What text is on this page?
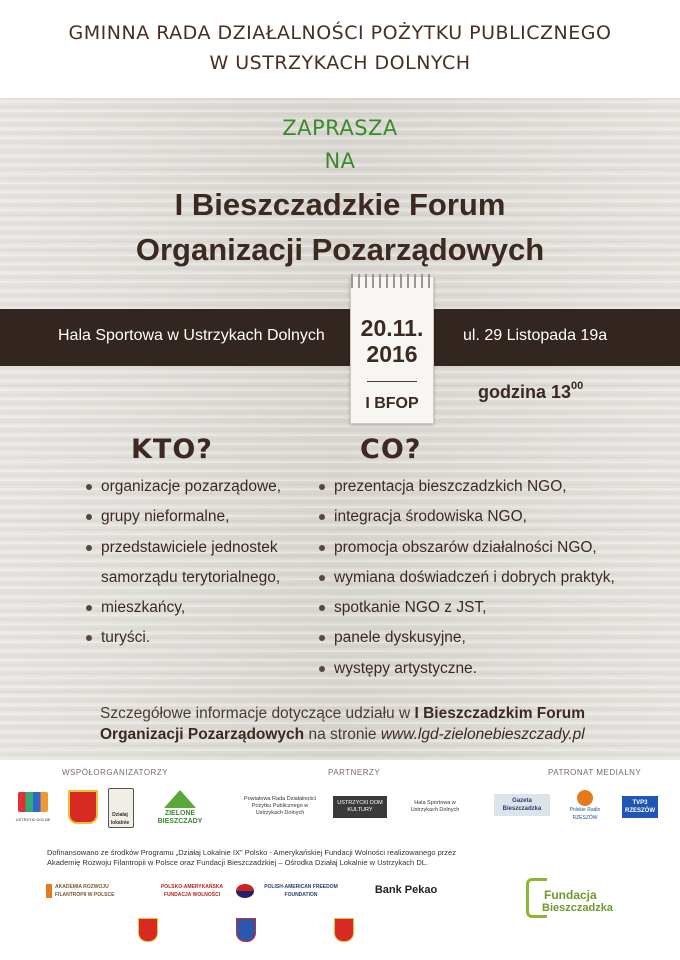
GMINNA RADA DZIAŁALNOŚCI POŻYTKU PUBLICZNEGO
W USTRZYKACH DOLNYCH
ZAPRASZA
NA
I Bieszczadzkie Forum
Organizacji Pozarządowych
Hala Sportowa w Ustrzykach Dolnych	ul. 29 Listopada 19a
20.11.
2016
I BFOP
godzina $13^{00}$
KTO?	CO?
organizacje pozarządowe,
grupy nieformalne,
przedstawiciele jednostek
samorządu terytorialnego,
mieszkańcy,
turyści.
prezentacja bieszczadzkich NGO,
integracja środowiska NGO,
promocja obszarów działalności NGO,
wymiana doświadczeń i dobrych praktyk,
spotkanie NGO z JST,
panele dyskusyjne,
występy artystyczne.
Szczegółowe informacje dotyczące udziału w I Bieszczadzkim Forum Organizacji Pozarządowych na stronie www.lgd-zielonebieszczady.pl
WSPÓŁORGANIZATORZY	PARTNERZY	PATRONAT MEDIALNY
USTRZYKI DOLNE
Działaj lokalnie
ZIELONE BIESZCZADY
Powiatowa Rada Działalności Pożytku Publicznego w Ustrzykach Dolnych
USTRZYCKI DOM KULTURY
Hala Sportowa w Ustrzykach Dolnych
Gazeta Bieszczadzka	Polskie Radio RZESZÓW
TVP3 RZESZÓW
Dofinansowano ze środków Programu „Działaj Lokalnie IX" Polsko - Amerykańskiej Fundacji Wolności realizowanego przez Akademię Rozwoju Filantropii w Polsce oraz Fundacji Bieszczadzkiej – Ośrodka Działaj Lokalnie w Ustrzykach DL.
AKADEMIA ROZWOJU FILANTROPII W POLSCE
POLSKO-AMERYKAŃSKA FUNDACJA WOLNOŚCI
POLISH-AMERICAN FREEDOM FOUNDATION	Bank Pekao	Fundacja
Bieszczadzka
